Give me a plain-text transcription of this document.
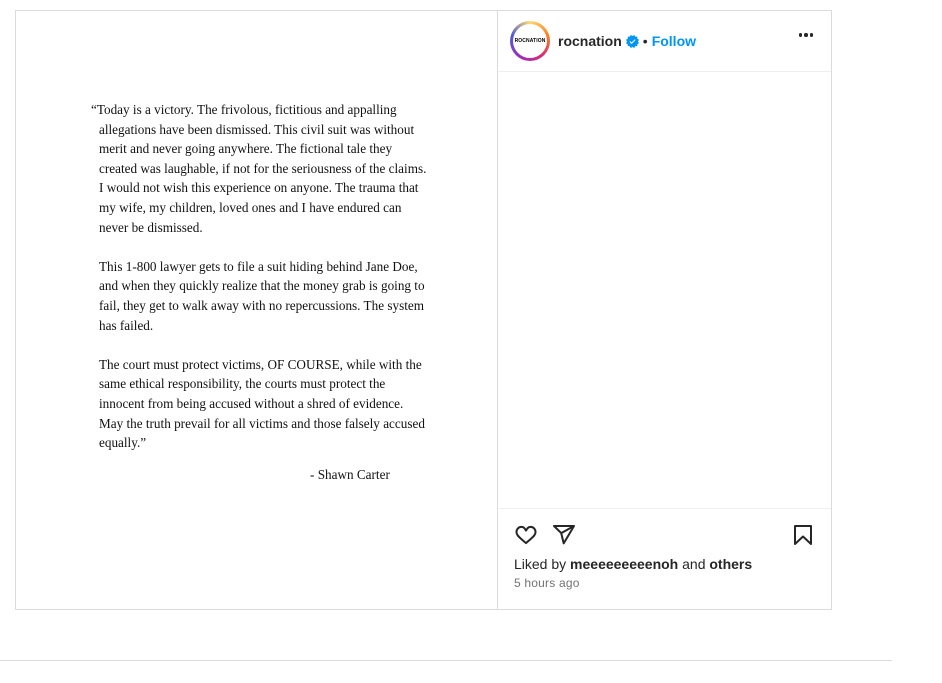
“Today is a victory. The frivolous, fictitious and appalling allegations have been dismissed. This civil suit was without merit and never going anywhere. The fictional tale they created was laughable, if not for the seriousness of the claims. I would not wish this experience on anyone. The trauma that my wife, my children, loved ones and I have endured can never be dismissed.

This 1-800 lawyer gets to file a suit hiding behind Jane Doe, and when they quickly realize that the money grab is going to fail, they get to walk away with no repercussions. The system has failed.

The court must protect victims, OF COURSE, while with the same ethical responsibility, the courts must protect the innocent from being accused without a shred of evidence. May the truth prevail for all victims and those falsely accused equally.”

- Shawn Carter
ROCNATION rocnation • Follow
Liked by meeeeeeeeenoh and others
5 hours ago
